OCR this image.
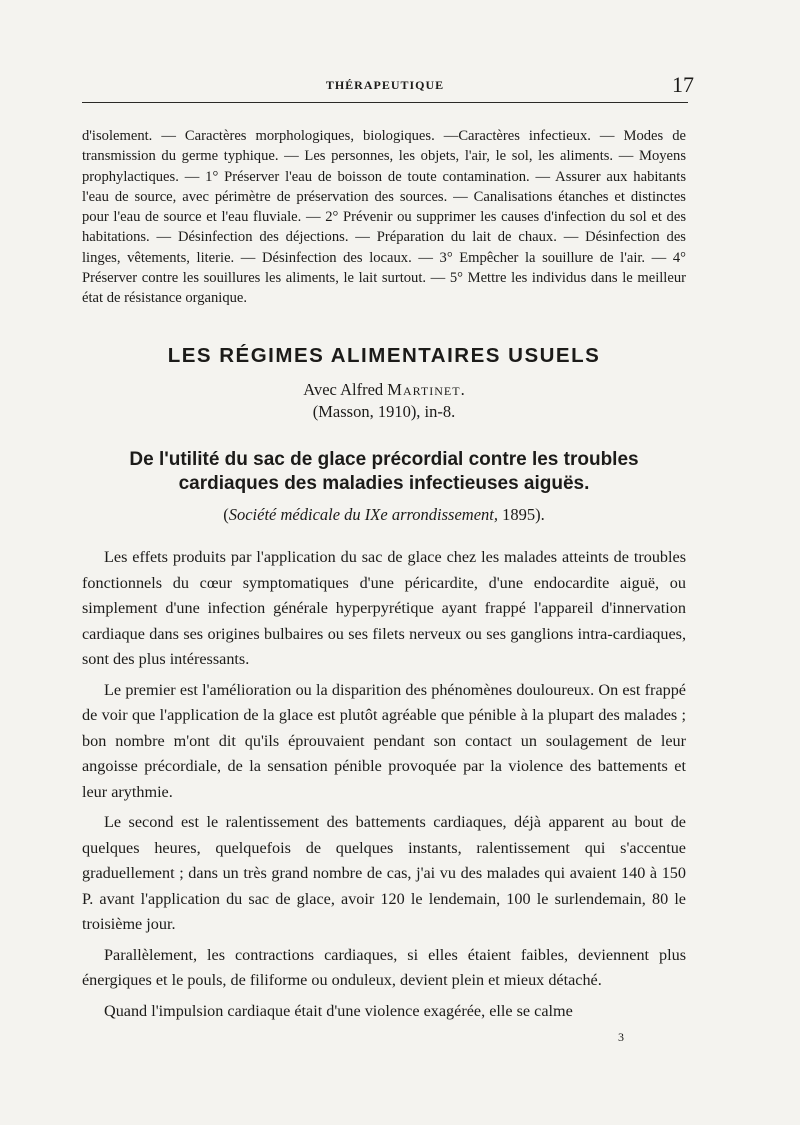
THÉRAPEUTIQUE	17

d'isolement. — Caractères morphologiques, biologiques. —Caractères infectieux. — Modes de transmission du germe typhique. — Les personnes, les objets, l'air, le sol, les aliments. — Moyens prophylactiques. — 1° Préserver l'eau de boisson de toute contamination. — Assurer aux habitants l'eau de source, avec périmètre de préservation des sources. — Canalisations étanches et distinctes pour l'eau de source et l'eau fluviale. — 2° Prévenir ou supprimer les causes d'infection du sol et des habitations. — Désinfection des déjections. — Préparation du lait de chaux. — Désinfection des linges, vêtements, literie. — Désinfection des locaux. — 3° Empêcher la souillure de l'air. — 4° Préserver contre les souillures les aliments, le lait surtout. — 5° Mettre les individus dans le meilleur état de résistance organique.

LES RÉGIMES ALIMENTAIRES USUELS
Avec Alfred Martinet.
(Masson, 1910), in-8.
De l'utilité du sac de glace précordial contre les troubles cardiaques des maladies infectieuses aiguës.
(Société médicale du IXe arrondissement, 1895).

Les effets produits par l'application du sac de glace chez les malades atteints de troubles fonctionnels du cœur symptomatiques d'une péricardite, d'une endocardite aiguë, ou simplement d'une infection générale hyperpyrétique ayant frappé l'appareil d'innervation cardiaque dans ses origines bulbaires ou ses filets nerveux ou ses ganglions intra-cardiaques, sont des plus intéressants.

Le premier est l'amélioration ou la disparition des phénomènes douloureux. On est frappé de voir que l'application de la glace est plutôt agréable que pénible à la plupart des malades ; bon nombre m'ont dit qu'ils éprouvaient pendant son contact un soulagement de leur angoisse précordiale, de la sensation pénible provoquée par la violence des battements et leur arythmie.

Le second est le ralentissement des battements cardiaques, déjà apparent au bout de quelques heures, quelquefois de quelques instants, ralentissement qui s'accentue graduellement ; dans un très grand nombre de cas, j'ai vu des malades qui avaient 140 à 150 P. avant l'application du sac de glace, avoir 120 le lendemain, 100 le surlendemain, 80 le troisième jour.

Parallèlement, les contractions cardiaques, si elles étaient faibles, deviennent plus énergiques et le pouls, de filiforme ou onduleux, devient plein et mieux détaché.

Quand l'impulsion cardiaque était d'une violence exagérée, elle se calme

3
